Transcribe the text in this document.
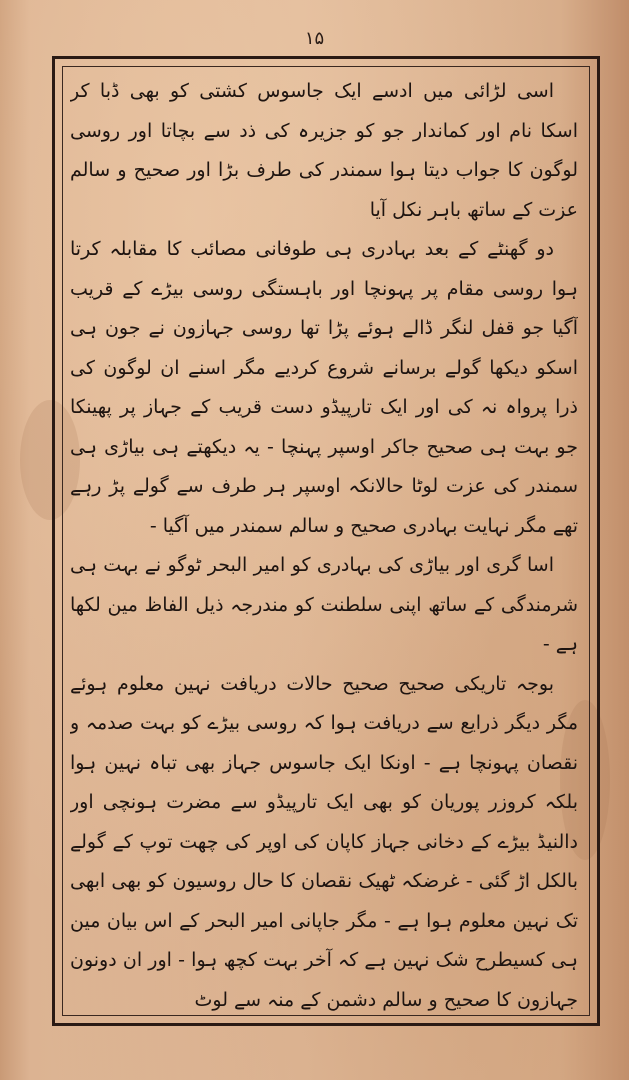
۱۵

اسی لڑائی میں ادسے ایک جاسوس کشتی کو بھی ڈبا کر اسکا نام اور کماندار جو کو جزیرہ کی ذد سے بچاتا اور روسی لوگون کا جواب دیتا ہوا سمندر کی طرف بڑا اور صحیح و سالم عزت کے ساتھ باہر نکل آیا

دو گھنٹے کے بعد بہادری ہی طوفانی مصائب کا مقابلہ کرتا ہوا روسی مقام پر پہونچا اور باہستگی روسی بیڑے کے قریب آگیا جو قفل لنگر ڈالے ہوئے پڑا تھا روسی جہازون نے جون ہی اسکو دیکھا گولے برسانے شروع کردیے مگر اسنے ان لوگون کی ذرا پرواہ نہ کی اور ایک تارپیڈو دست قریب کے جہاز پر پھینکا جو بہت ہی صحیح جاکر اوسپر پہنچا - یہ دیکھتے ہی بیاڑی ہی سمندر کی عزت لوٹا حالانکہ اوسپر ہر طرف سے گولے پڑ رہے تھے مگر نہایت بہادری صحیح و سالم سمندر میں آگیا -

اسا گری اور بیاڑی کی بہادری کو امیر البحر ٹوگو نے بہت ہی شرمندگی کے ساتھ اپنی سلطنت کو مندرجہ ذیل الفاظ مین لکھا ہے -

بوجہ تاریکی صحیح صحیح حالات دریافت نہین معلوم ہوئے مگر دیگر ذرایع سے دریافت ہوا کہ روسی بیڑے کو بہت صدمہ و نقصان پہونچا ہے - اونکا ایک جاسوس جہاز بھی تباہ نہین ہوا بلکہ کروزر پوریان کو بھی ایک تارپیڈو سے مضرت ہونچی اور دالنیڈ بیڑے کے دخانی جہاز کاپان کی اوپر کی چھت توپ کے گولے بالکل اڑ گئی - غرضکہ ٹھیک نقصان کا حال روسیون کو بھی ابھی تک نہین معلوم ہوا ہے - مگر جاپانی امیر البحر کے اس بیان مین ہی کسیطرح شک نہین ہے کہ آخر بہت کچھ ہوا - اور ان دونون جہازون کا صحیح و سالم دشمن کے منہ سے لوٹ
